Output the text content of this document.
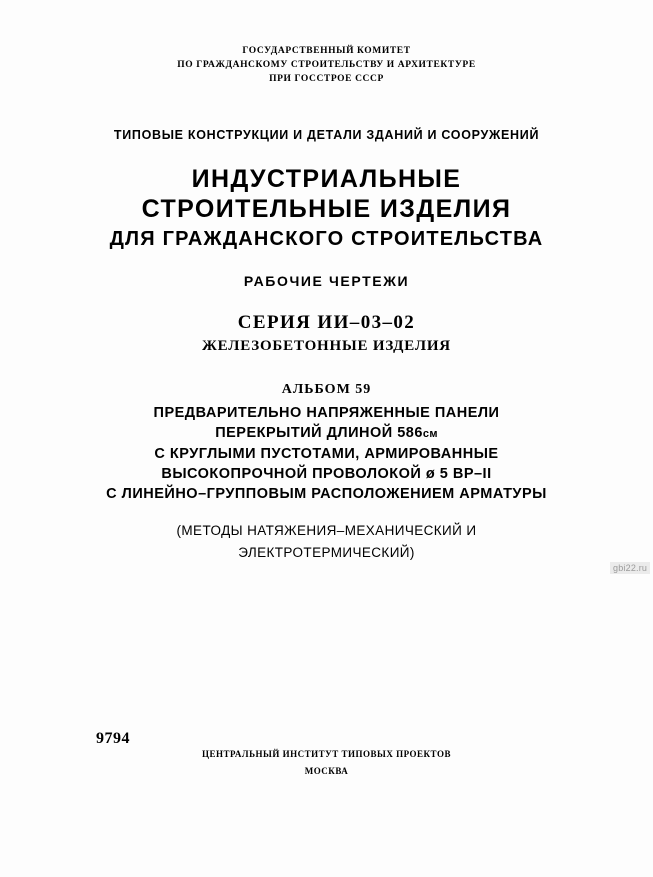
ГОСУДАРСТВЕННЫЙ КОМИТЕТ
ПО ГРАЖДАНСКОМУ СТРОИТЕЛЬСТВУ И АРХИТЕКТУРЕ
ПРИ ГОССТРОЕ СССР
ТИПОВЫЕ КОНСТРУКЦИИ И ДЕТАЛИ ЗДАНИЙ И СООРУЖЕНИЙ
ИНДУСТРИАЛЬНЫЕ
СТРОИТЕЛЬНЫЕ ИЗДЕЛИЯ
ДЛЯ ГРАЖДАНСКОГО СТРОИТЕЛЬСТВА
РАБОЧИЕ ЧЕРТЕЖИ
СЕРИЯ ИИ–03–02
ЖЕЛЕЗОБЕТОННЫЕ ИЗДЕЛИЯ
АЛЬБОМ 59
ПРЕДВАРИТЕЛЬНО НАПРЯЖЕННЫЕ ПАНЕЛИ
ПЕРЕКРЫТИЙ ДЛИНОЙ 586см
С КРУГЛЫМИ ПУСТОТАМИ, АРМИРОВАННЫЕ
ВЫСОКОПРОЧНОЙ ПРОВОЛОКОЙ ø 5 ВР–II
С ЛИНЕЙНО–ГРУППОВЫМ РАСПОЛОЖЕНИЕМ АРМАТУРЫ
(МЕТОДЫ НАТЯЖЕНИЯ–МЕХАНИЧЕСКИЙ И
ЭЛЕКТРОТЕРМИЧЕСКИЙ)
gbi22.ru
9794
ЦЕНТРАЛЬНЫЙ ИНСТИТУТ ТИПОВЫХ ПРОЕКТОВ
МОСКВА
